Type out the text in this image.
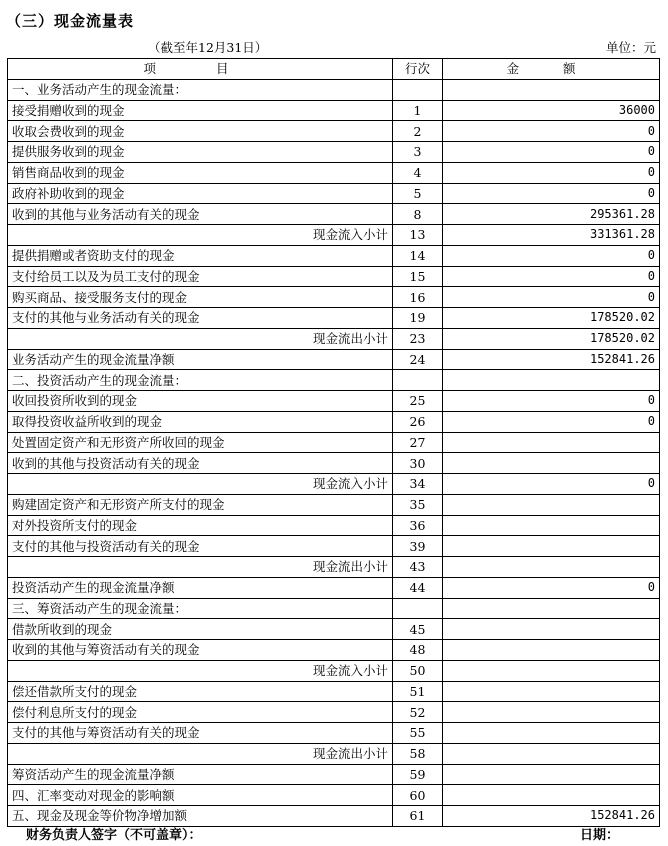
（三）现金流量表
（截至年12月31日）	单位：元
项 目	行次	金 额
一、业务活动产生的现金流量：		
接受捐赠收到的现金	1	36000
收取会费收到的现金	2	0
提供服务收到的现金	3	0
销售商品收到的现金	4	0
政府补助收到的现金	5	0
收到的其他与业务活动有关的现金	8	295361.28
现金流入小计	13	331361.28
提供捐赠或者资助支付的现金	14	0
支付给员工以及为员工支付的现金	15	0
购买商品、接受服务支付的现金	16	0
支付的其他与业务活动有关的现金	19	178520.02
现金流出小计	23	178520.02
业务活动产生的现金流量净额	24	152841.26
二、投资活动产生的现金流量：		
收回投资所收到的现金	25	0
取得投资收益所收到的现金	26	0
处置固定资产和无形资产所收回的现金	27	
收到的其他与投资活动有关的现金	30	
现金流入小计	34	0
购建固定资产和无形资产所支付的现金	35	
对外投资所支付的现金	36	
支付的其他与投资活动有关的现金	39	
现金流出小计	43	
投资活动产生的现金流量净额	44	0
三、筹资活动产生的现金流量：		
借款所收到的现金	45	
收到的其他与筹资活动有关的现金	48	
现金流入小计	50	
偿还借款所支付的现金	51	
偿付利息所支付的现金	52	
支付的其他与筹资活动有关的现金	55	
现金流出小计	58	
筹资活动产生的现金流量净额	59	
四、汇率变动对现金的影响额	60	
五、现金及现金等价物净增加额	61	152841.26
财务负责人签字（不可盖章）：	日期：
